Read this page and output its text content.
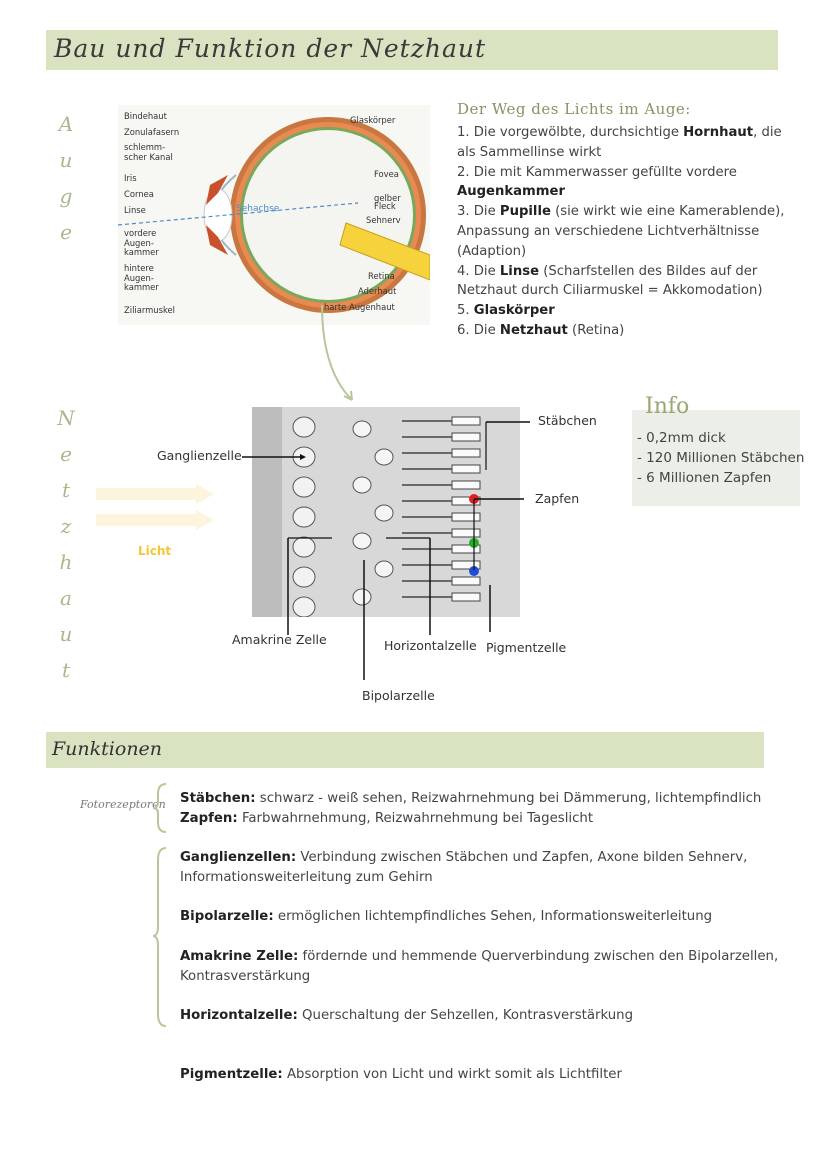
Bau und Funktion der Netzhaut
A
u
g
e
N
e
t
z
h
a
u
t
Sehachse
Bindehaut
Zonulafasern
schlemm-
scher Kanal
Iris
Cornea
Linse
vordere
Augen-
kammer
hintere
Augen-
kammer
Ziliarmuskel
Glaskörper
Fovea
gelber
Fleck
Sehnerv
Retina
Aderhaut
harte Augenhaut
Der Weg des Lichts im Auge:
1. Die vorgewölbte, durchsichtige Hornhaut, die als Sammellinse wirkt
2. Die mit Kammerwasser gefüllte vordere Augenkammer
3. Die Pupille (sie wirkt wie eine Kamerablende), Anpassung an verschiedene Lichtverhältnisse (Adaption)
4. Die Linse (Scharfstellen des Bildes auf der Netzhaut durch Ciliarmuskel = Akkomodation)
5. Glaskörper
6. Die Netzhaut (Retina)
Info
- 0,2mm dick
- 120 Millionen Stäbchen
- 6 Millionen Zapfen
Licht
Ganglienzelle
Stäbchen
Zapfen
Amakrine Zelle	Horizontalzelle Pigmentzelle
Bipolarzelle
Funktionen
Fotorezeptoren Stäbchen: schwarz - weiß sehen, Reizwahrnehmung bei Dämmerung, lichtempfindlich
Zapfen: Farbwahrnehmung, Reizwahrnehmung bei Tageslicht
Ganglienzellen: Verbindung zwischen Stäbchen und Zapfen, Axone bilden Sehnerv, Informationsweiterleitung zum Gehirn
Bipolarzelle: ermöglichen lichtempfindliches Sehen, Informationsweiterleitung
Amakrine Zelle: fördernde und hemmende Querverbindung zwischen den Bipolarzellen, Kontrasverstärkung
Horizontalzelle: Querschaltung der Sehzellen, Kontrasverstärkung
Pigmentzelle: Absorption von Licht und wirkt somit als Lichtfilter
